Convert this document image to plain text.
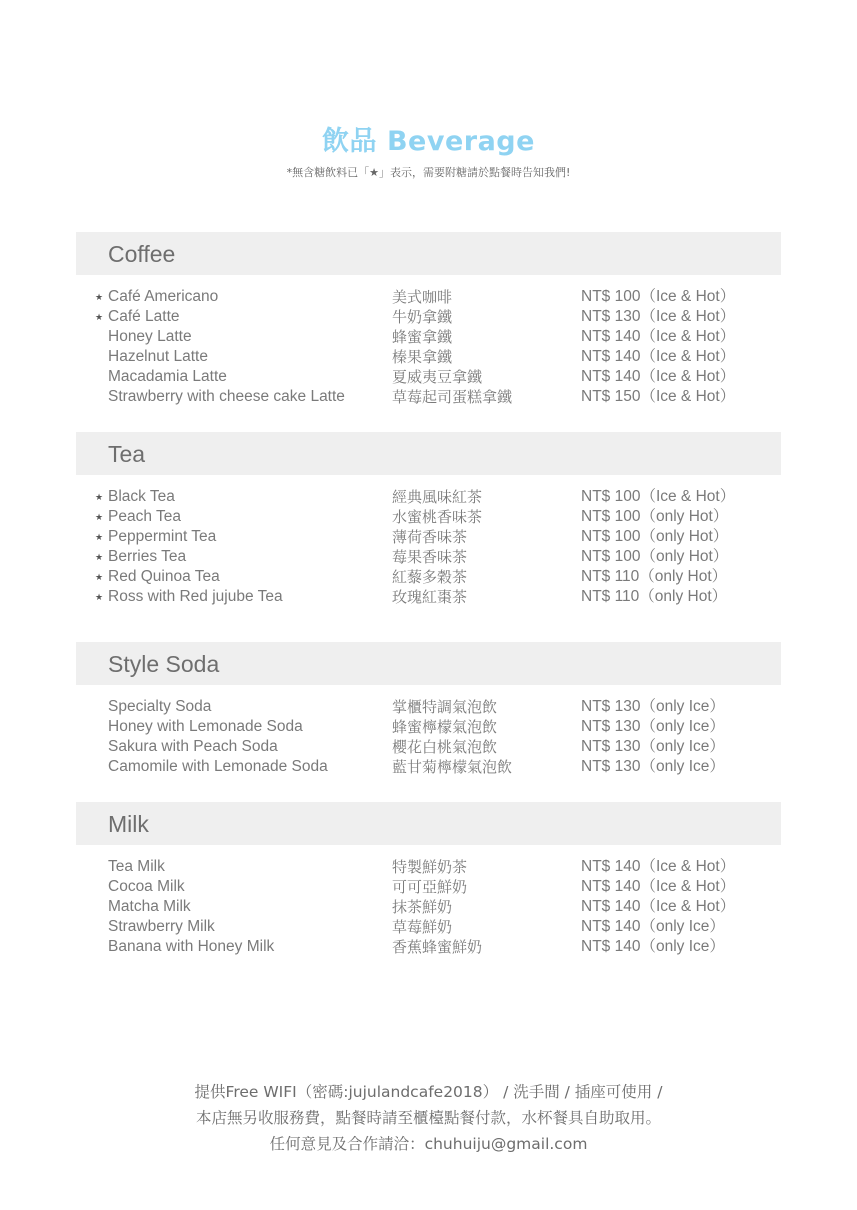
飲品 Beverage
*無含糖飲料已「★」表示，需要附糖請於點餐時告知我們!
Coffee
★ Café Americano	美式咖啡	NT$ 100（Ice & Hot）
★ Café Latte	牛奶拿鐵	NT$ 130（Ice & Hot）
Honey Latte	蜂蜜拿鐵	NT$ 140（Ice & Hot）
Hazelnut Latte	榛果拿鐵	NT$ 140（Ice & Hot）
Macadamia Latte	夏威夷豆拿鐵	NT$ 140（Ice & Hot）
Strawberry with cheese cake Latte	草莓起司蛋糕拿鐵	NT$ 150（Ice & Hot）
Tea
★ Black Tea	經典風味紅茶	NT$ 100（Ice & Hot）
★ Peach Tea	水蜜桃香味茶	NT$ 100（only Hot）
★ Peppermint Tea	薄荷香味茶	NT$ 100（only Hot）
★ Berries Tea	莓果香味茶	NT$ 100（only Hot）
★ Red Quinoa Tea	紅藜多穀茶	NT$ 110（only Hot）
★ Ross with Red jujube Tea	玫瑰紅棗茶	NT$ 110（only Hot）
Style Soda
Specialty Soda	掌櫃特調氣泡飲	NT$ 130（only Ice）
Honey with Lemonade Soda	蜂蜜檸檬氣泡飲	NT$ 130（only Ice）
Sakura with Peach Soda	櫻花白桃氣泡飲	NT$ 130（only Ice）
Camomile with Lemonade Soda	藍甘菊檸檬氣泡飲	NT$ 130（only Ice）
Milk
Tea Milk	特製鮮奶茶	NT$ 140（Ice & Hot）
Cocoa Milk	可可亞鮮奶	NT$ 140（Ice & Hot）
Matcha Milk	抹茶鮮奶	NT$ 140（Ice & Hot）
Strawberry Milk	草莓鮮奶	NT$ 140（only Ice）
Banana with Honey Milk	香蕉蜂蜜鮮奶	NT$ 140（only Ice）
提供Free WIFI（密碼:jujulandcafe2018） / 洗手間 / 插座可使用 /
本店無另收服務費，點餐時請至櫃檯點餐付款，水杯餐具自助取用。
任何意見及合作請洽：chuhuiju@gmail.com
